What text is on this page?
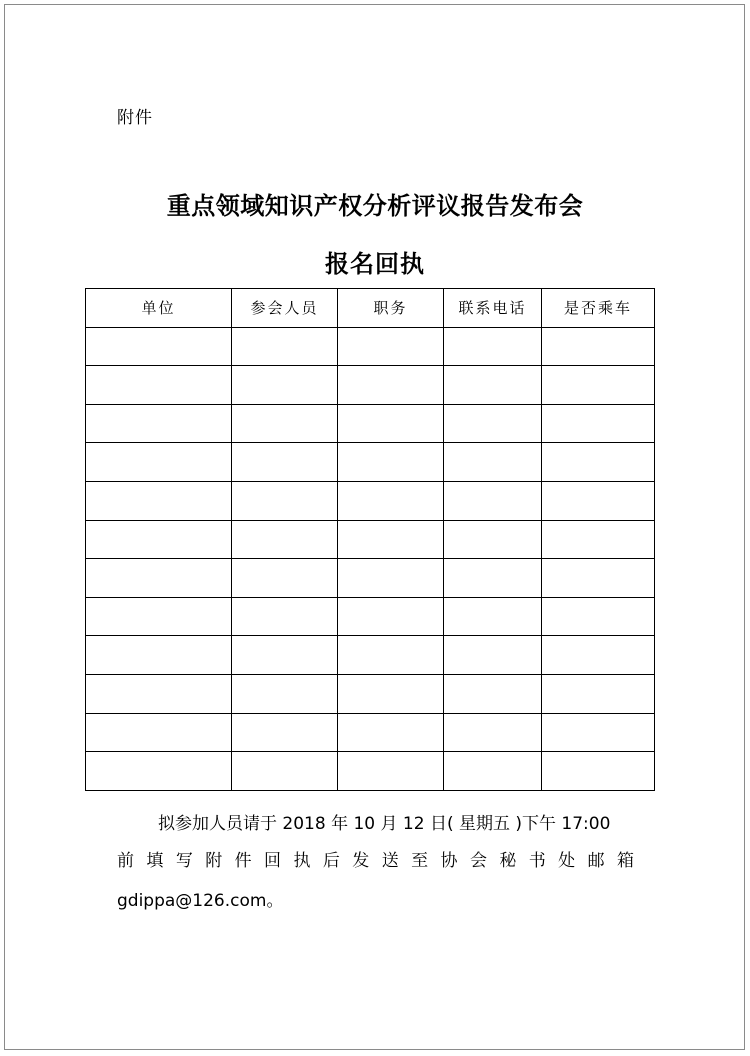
附件
重点领域知识产权分析评议报告发布会
报名回执
单位	参会人员	职务	联系电话	是否乘车

拟参加人员请于 2018 年 10 月 12 日( 星期五 )下午 17:00
前填写附件回执后发送至协会秘书处邮箱
gdippa@126.com。
